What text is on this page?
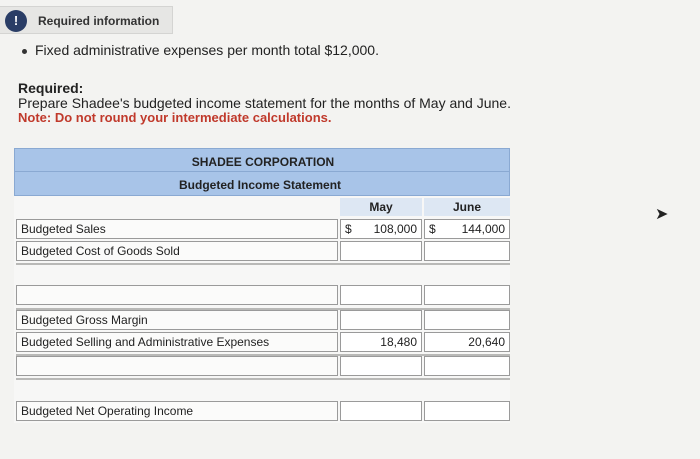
!	Required information
Fixed administrative expenses per month total $12,000.
Required:
Prepare Shadee's budgeted income statement for the months of May and June.
Note: Do not round your intermediate calculations.
SHADEE CORPORATION
Budgeted Income Statement
May	June
Budgeted Sales	$ 108,000 $ 144,000
Budgeted Cost of Goods Sold
Budgeted Gross Margin
Budgeted Selling and Administrative Expenses	18,480	20,640
Budgeted Net Operating Income
➤
